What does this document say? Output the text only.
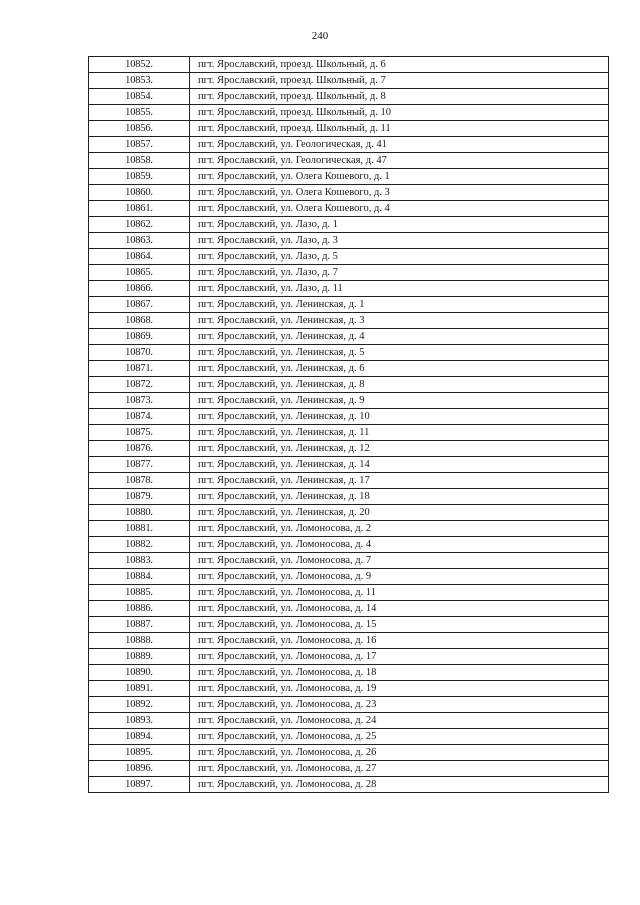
240
10852.	пгт. Ярославский, проезд. Школьный, д. 6
10853.	пгт. Ярославский, проезд. Школьный, д. 7
10854.	пгт. Ярославский, проезд. Школьный, д. 8
10855.	пгт. Ярославский, проезд. Школьный, д. 10
10856.	пгт. Ярославский, проезд. Школьный, д. 11
10857.	пгт. Ярославский, ул. Геологическая, д. 41
10858.	пгт. Ярославский, ул. Геологическая, д. 47
10859.	пгт. Ярославский, ул. Олега Кошевого, д. 1
10860.	пгт. Ярославский, ул. Олега Кошевого, д. 3
10861.	пгт. Ярославский, ул. Олега Кошевого, д. 4
10862.	пгт. Ярославский, ул. Лазо, д. 1
10863.	пгт. Ярославский, ул. Лазо, д. 3
10864.	пгт. Ярославский, ул. Лазо, д. 5
10865.	пгт. Ярославский, ул. Лазо, д. 7
10866.	пгт. Ярославский, ул. Лазо, д. 11
10867.	пгт. Ярославский, ул. Ленинская, д. 1
10868.	пгт. Ярославский, ул. Ленинская, д. 3
10869.	пгт. Ярославский, ул. Ленинская, д. 4
10870.	пгт. Ярославский, ул. Ленинская, д. 5
10871.	пгт. Ярославский, ул. Ленинская, д. 6
10872.	пгт. Ярославский, ул. Ленинская, д. 8
10873.	пгт. Ярославский, ул. Ленинская, д. 9
10874.	пгт. Ярославский, ул. Ленинская, д. 10
10875.	пгт. Ярославский, ул. Ленинская, д. 11
10876.	пгт. Ярославский, ул. Ленинская, д. 12
10877.	пгт. Ярославский, ул. Ленинская, д. 14
10878.	пгт. Ярославский, ул. Ленинская, д. 17
10879.	пгт. Ярославский, ул. Ленинская, д. 18
10880.	пгт. Ярославский, ул. Ленинская, д. 20
10881.	пгт. Ярославский, ул. Ломоносова, д. 2
10882.	пгт. Ярославский, ул. Ломоносова, д. 4
10883.	пгт. Ярославский, ул. Ломоносова, д. 7
10884.	пгт. Ярославский, ул. Ломоносова, д. 9
10885.	пгт. Ярославский, ул. Ломоносова, д. 11
10886.	пгт. Ярославский, ул. Ломоносова, д. 14
10887.	пгт. Ярославский, ул. Ломоносова, д. 15
10888.	пгт. Ярославский, ул. Ломоносова, д. 16
10889.	пгт. Ярославский, ул. Ломоносова, д. 17
10890.	пгт. Ярославский, ул. Ломоносова, д. 18
10891.	пгт. Ярославский, ул. Ломоносова, д. 19
10892.	пгт. Ярославский, ул. Ломоносова, д. 23
10893.	пгт. Ярославский, ул. Ломоносова, д. 24
10894.	пгт. Ярославский, ул. Ломоносова, д. 25
10895.	пгт. Ярославский, ул. Ломоносова, д. 26
10896.	пгт. Ярославский, ул. Ломоносова, д. 27
10897.	пгт. Ярославский, ул. Ломоносова, д. 28
